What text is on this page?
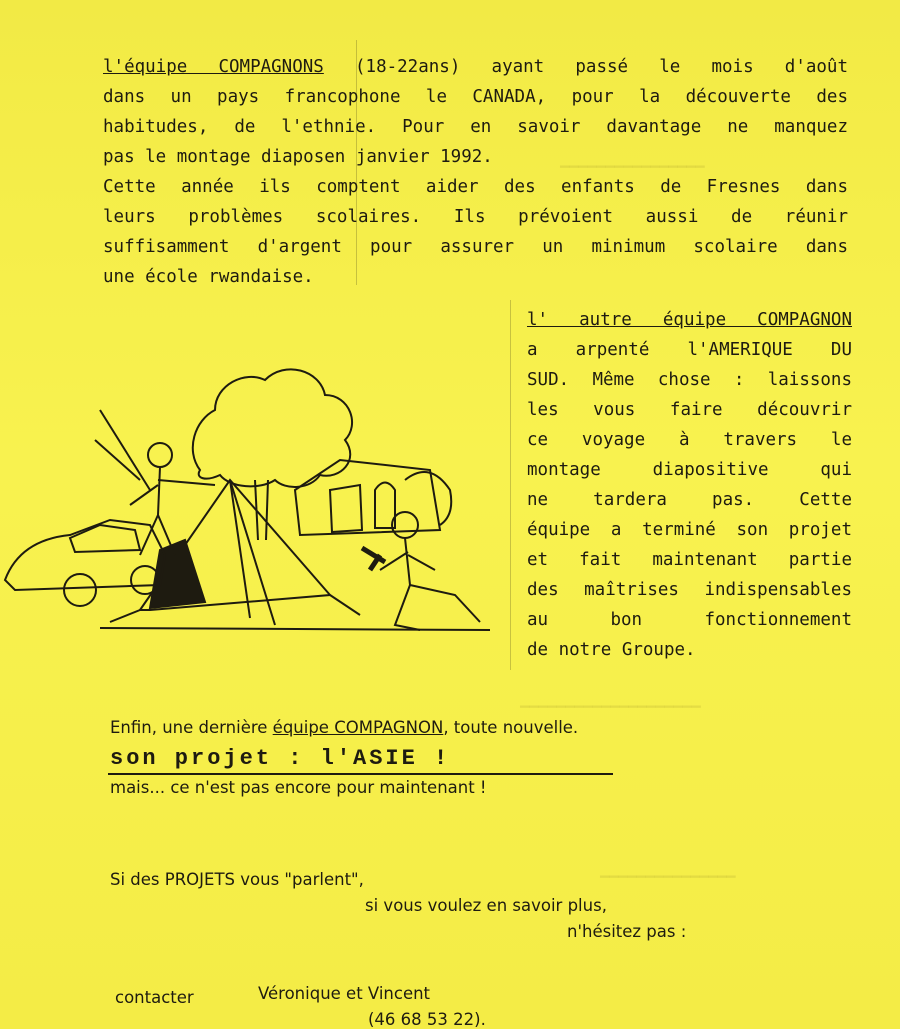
▁▁▁▁▁▁▁▁▁▁▁▁▁▁▁▁
▁▁▁▁▁▁▁▁▁▁▁▁▁▁▁▁▁▁▁▁
▁▁▁▁▁▁▁▁▁▁▁▁▁▁▁
l'équipe COMPAGNONS (18-22ans) ayant passé le mois d'août
dans un pays francophone le CANADA, pour la découverte des
habitudes, de l'ethnie. Pour en savoir davantage ne manquez
pas le montage diaposen janvier 1992.
Cette année ils comptent aider des enfants de Fresnes dans
leurs problèmes scolaires. Ils prévoient aussi de réunir
suffisamment d'argent pour assurer un minimum scolaire dans
une école rwandaise.
l' autre équipe COMPAGNON
a arpenté l'AMERIQUE DU
SUD. Même chose : laissons
les vous faire découvrir
ce voyage à travers le
montage diapositive qui
ne tardera pas. Cette
équipe a terminé son projet
et fait maintenant partie
des maîtrises indispensables
au bon fonctionnement
de notre Groupe.
Enfin, une dernière équipe COMPAGNON, toute nouvelle.
son projet : l'ASIE !
mais... ce n'est pas encore pour maintenant !
Si des PROJETS vous "parlent",
si vous voulez en savoir plus,
n'hésitez pas :
contacter	Véronique et Vincent
(46 68 53 22).
